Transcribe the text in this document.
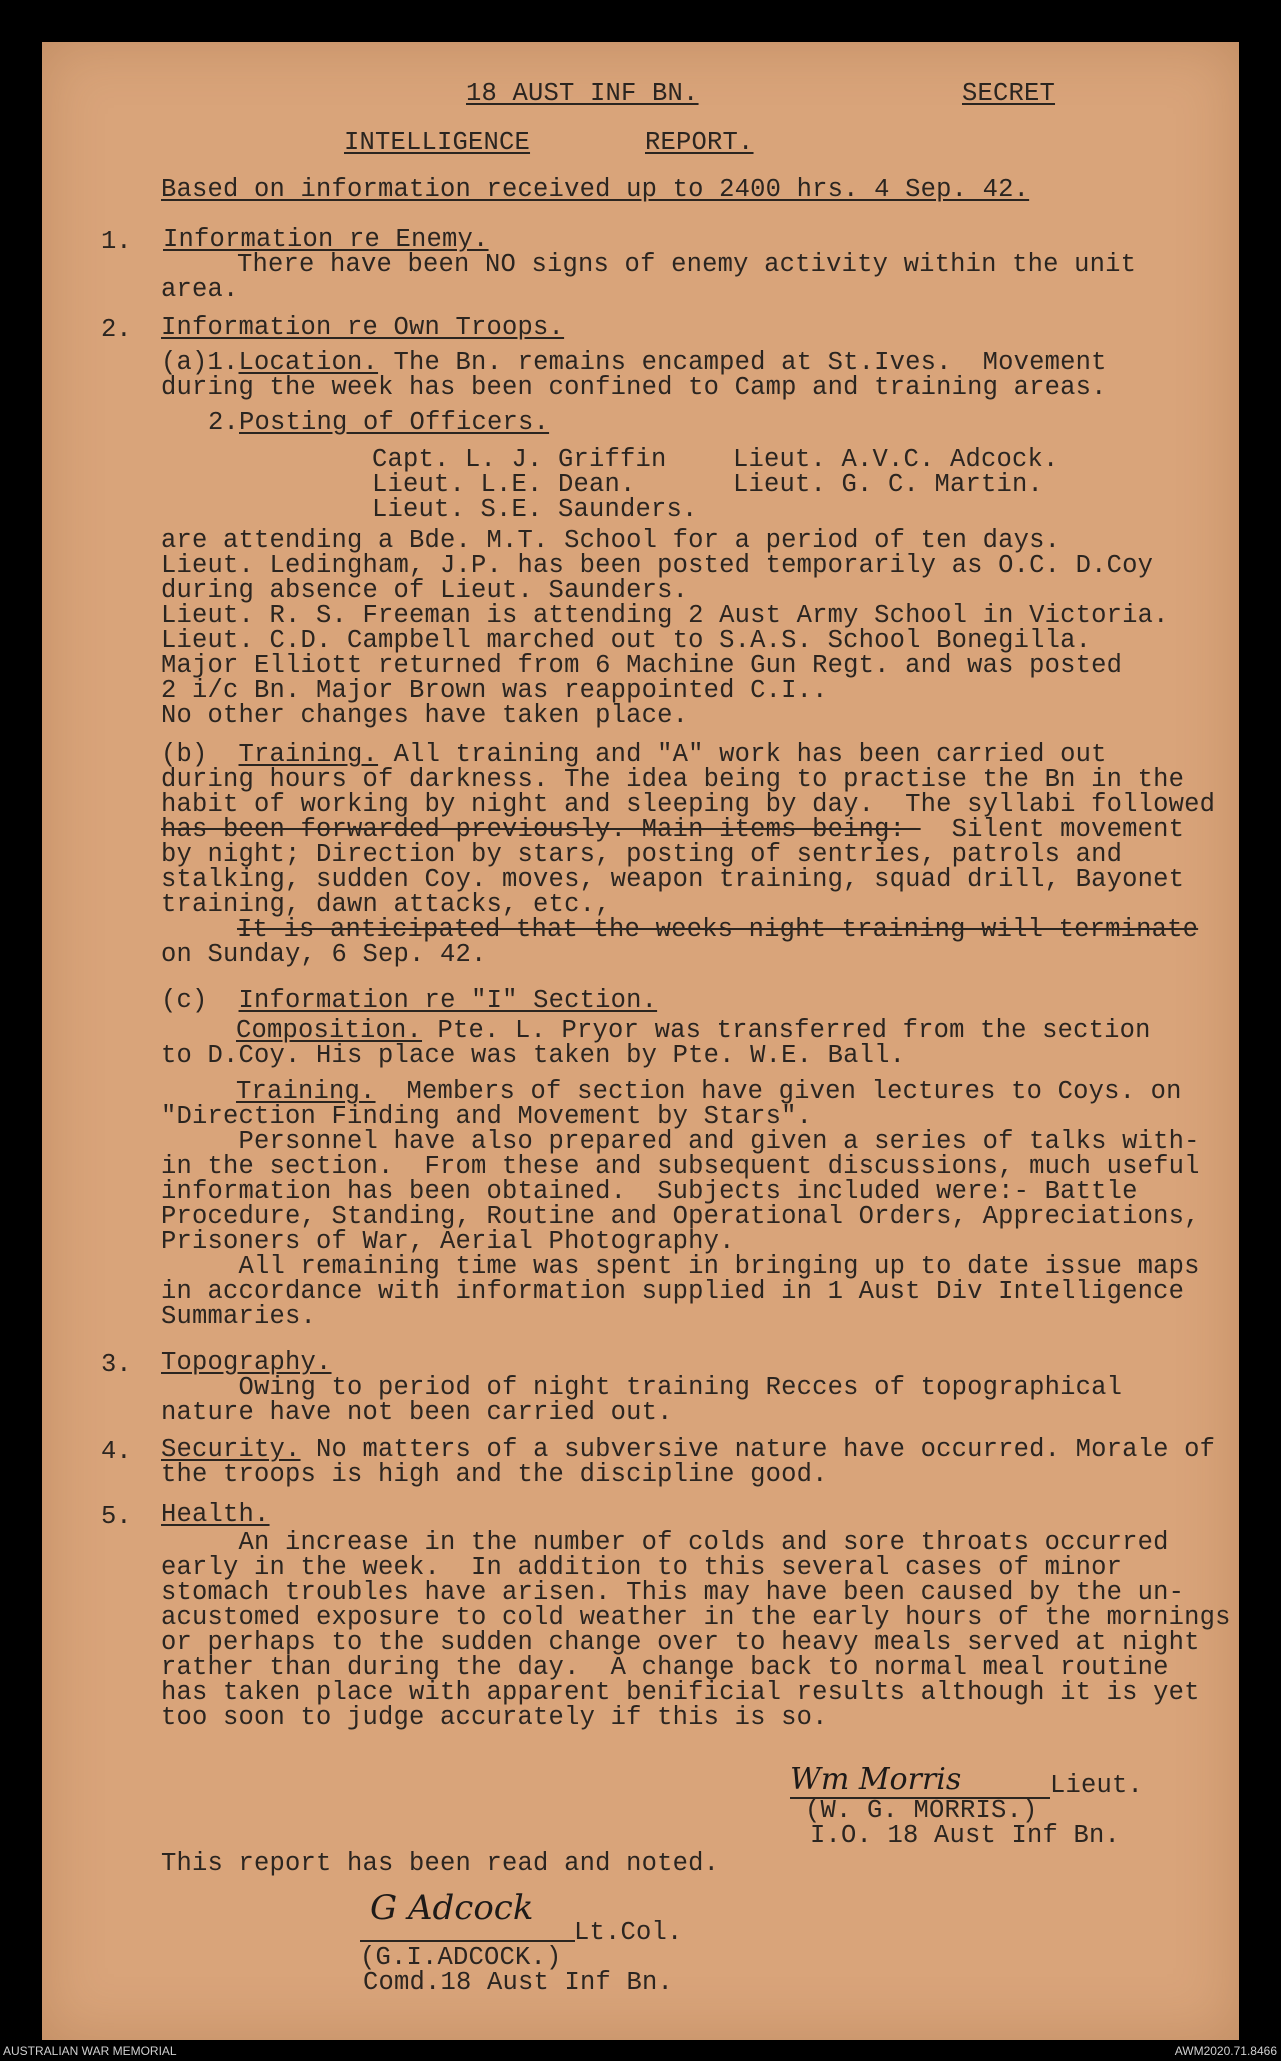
18 AUST INF BN.	SECRET
INTELLIGENCE	REPORT.
Based on information received up to 2400 hrs. 4 Sep. 42.
1. Information re Enemy.
There have been NO signs of enemy activity within the unit
area.
2. Information re Own Troops.
(a)1.Location. The Bn. remains encamped at St.Ives.  Movement
during the week has been confined to Camp and training areas.
2.Posting of Officers.
Capt. L. J. Griffin	Lieut. A.V.C. Adcock.
Lieut. L.E. Dean.	Lieut. G. C. Martin.
Lieut. S.E. Saunders.
are attending a Bde. M.T. School for a period of ten days.
Lieut. Ledingham, J.P. has been posted temporarily as O.C. D.Coy
during absence of Lieut. Saunders.
Lieut. R. S. Freeman is attending 2 Aust Army School in Victoria.
Lieut. C.D. Campbell marched out to S.A.S. School Bonegilla.
Major Elliott returned from 6 Machine Gun Regt. and was posted
2 i/c Bn. Major Brown was reappointed C.I..
No other changes have taken place.
(b) Training. All training and "A" work has been carried out
during hours of darkness. The idea being to practise the Bn in the
habit of working by night and sleeping by day.  The syllabi followed
has been forwarded previously. Main items being:-  Silent movement
by night; Direction by stars, posting of sentries, patrols and
stalking, sudden Coy. moves, weapon training, squad drill, Bayonet
training, dawn attacks, etc.,
It is anticipated that the weeks night training will terminate
on Sunday, 6 Sep. 42.
(c) Information re "I" Section.
Composition. Pte. L. Pryor was transferred from the section
to D.Coy. His place was taken by Pte. W.E. Ball.
Training.  Members of section have given lectures to Coys. on
"Direction Finding and Movement by Stars".
Personnel have also prepared and given a series of talks with-
in the section.  From these and subsequent discussions, much useful
information has been obtained.  Subjects included were:- Battle
Procedure, Standing, Routine and Operational Orders, Appreciations,
Prisoners of War, Aerial Photography.
All remaining time was spent in bringing up to date issue maps
in accordance with information supplied in 1 Aust Div Intelligence
Summaries.
3. Topography.
Owing to period of night training Recces of topographical
nature have not been carried out.
4. Security. No matters of a subversive nature have occurred. Morale of
the troops is high and the discipline good.
5. Health.
An increase in the number of colds and sore throats occurred
early in the week.  In addition to this several cases of minor
stomach troubles have arisen. This may have been caused by the un-
acustomed exposure to cold weather in the early hours of the mornings
or perhaps to the sudden change over to heavy meals served at night
rather than during the day.  A change back to normal meal routine
has taken place with apparent benificial results although it is yet
too soon to judge accurately if this is so.
Wm Morris	Lieut.
(W. G. MORRIS.)
I.O. 18 Aust Inf Bn.
This report has been read and noted.
G Adcock
Lt.Col.
(G.I.ADCOCK.)
Comd.18 Aust Inf Bn.
AUSTRALIAN WAR MEMORIAL	AWM2020.71.8466
